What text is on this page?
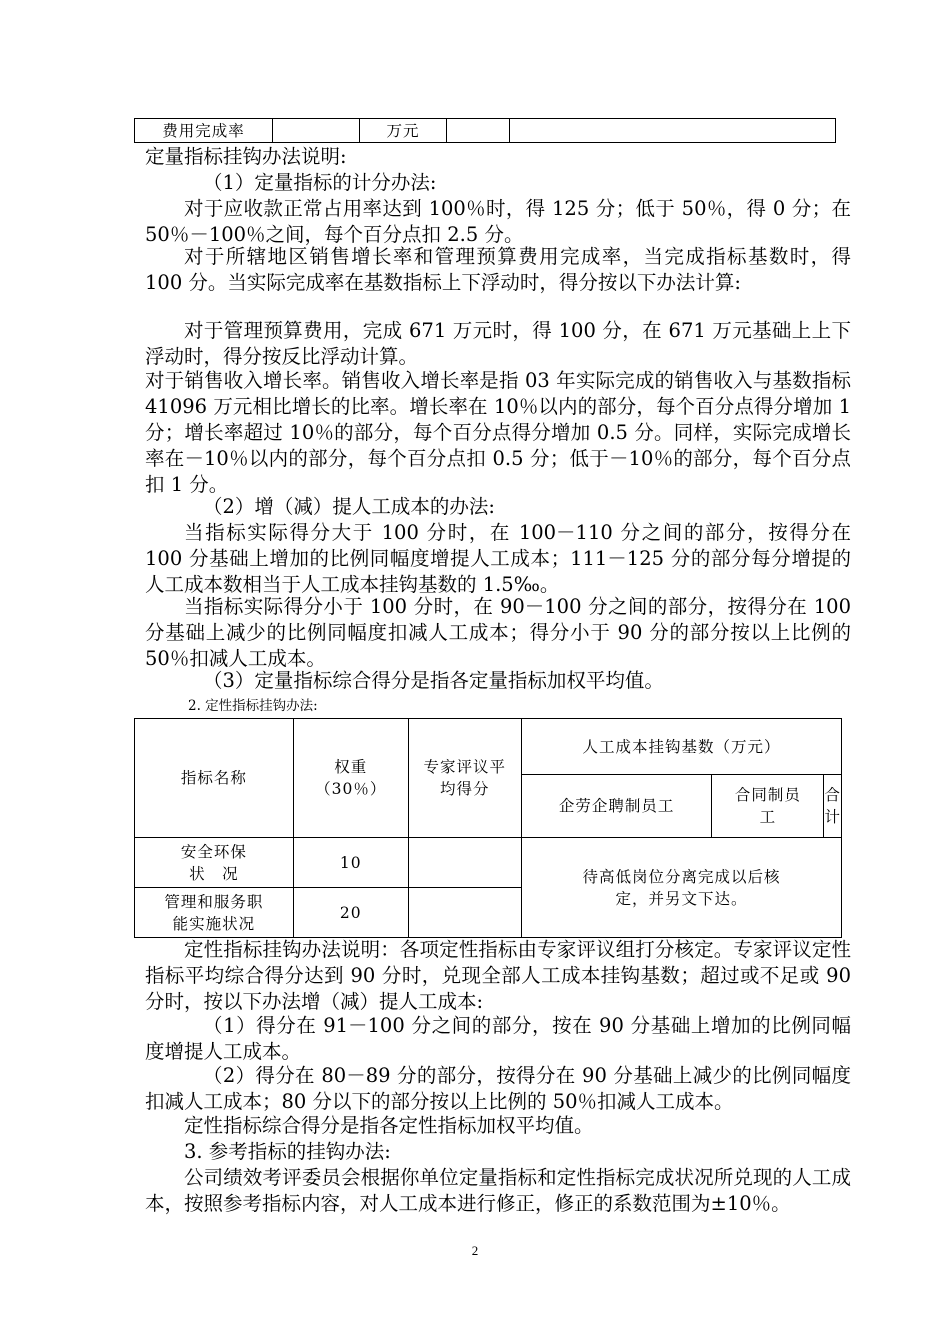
费用完成率		万元		
定量指标挂钩办法说明:
（1）定量指标的计分办法:
对于应收款正常占用率达到 100％时，得 125 分；低于 50％，得 0 分；在 50％－100％之间，每个百分点扣 2.5 分。
对于所辖地区销售增长率和管理预算费用完成率，当完成指标基数时，得 100 分。当实际完成率在基数指标上下浮动时，得分按以下办法计算:
对于管理预算费用，完成 671 万元时，得 100 分，在 671 万元基础上上下浮动时，得分按反比浮动计算。
对于销售收入增长率。销售收入增长率是指 03 年实际完成的销售收入与基数指标 41096 万元相比增长的比率。增长率在 10％以内的部分，每个百分点得分增加 1 分；增长率超过 10％的部分，每个百分点得分增加 0.5 分。同样，实际完成增长率在－10％以内的部分，每个百分点扣 0.5 分；低于－10％的部分，每个百分点扣 1 分。
（2）增（减）提人工成本的办法:
当指标实际得分大于 100 分时，在 100－110 分之间的部分，按得分在 100 分基础上增加的比例同幅度增提人工成本；111－125 分的部分每分增提的人工成本数相当于人工成本挂钩基数的 1.5‰。
当指标实际得分小于 100 分时，在 90－100 分之间的部分，按得分在 100 分基础上减少的比例同幅度扣减人工成本；得分小于 90 分的部分按以上比例的 50％扣减人工成本。
（3）定量指标综合得分是指各定量指标加权平均值。
2. 定性指标挂钩办法:
指标名称	权重（30％）	专家评议平均得分	人工成本挂钩基数（万元）		
			企劳企聘制员工	合同制员工	合计
安全环保 状　况	10		待高低岗位分离完成以后核定，并另文下达。		
管理和服务职能实施状况	20				
定性指标挂钩办法说明：各项定性指标由专家评议组打分核定。专家评议定性指标平均综合得分达到 90 分时，兑现全部人工成本挂钩基数；超过或不足或 90 分时，按以下办法增（减）提人工成本:
（1）得分在 91－100 分之间的部分，按在 90 分基础上增加的比例同幅度增提人工成本。
（2）得分在 80－89 分的部分，按得分在 90 分基础上减少的比例同幅度扣减人工成本；80 分以下的部分按以上比例的 50％扣减人工成本。
定性指标综合得分是指各定性指标加权平均值。
3. 参考指标的挂钩办法:
公司绩效考评委员会根据你单位定量指标和定性指标完成状况所兑现的人工成本，按照参考指标内容，对人工成本进行修正，修正的系数范围为±10％。
2
